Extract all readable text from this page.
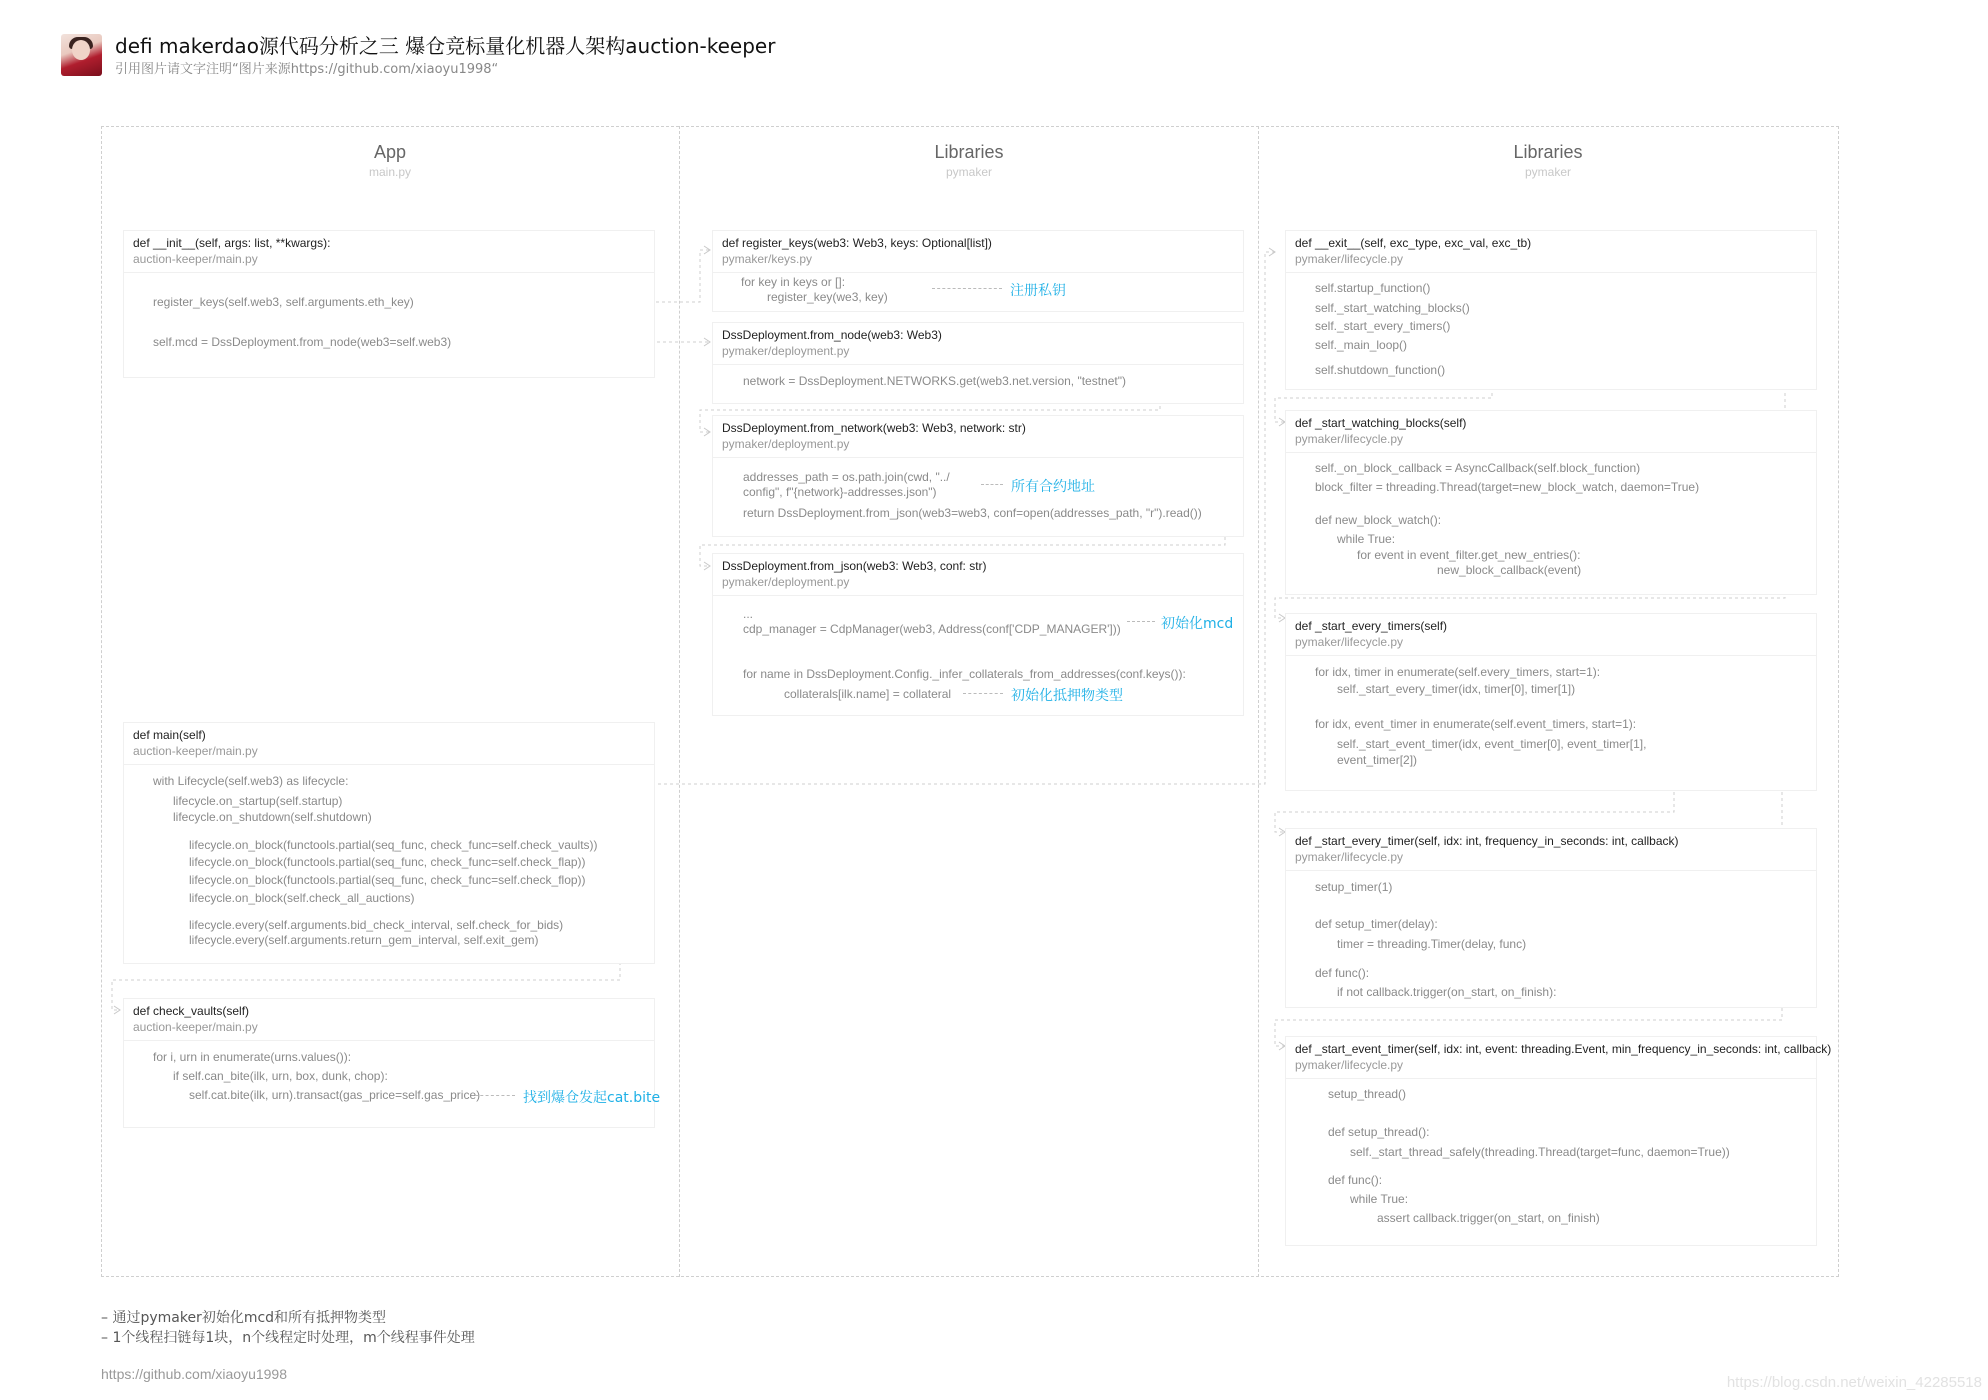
defi makerdao源代码分析之三 爆仓竞标量化机器人架构auction-keeper
引用图片请文字注明“图片来源https://github.com/xiaoyu1998“
App
main.py
Libraries
pymaker
Libraries
pymaker
def __init__(self, args: list, **kwargs):
auction-keeper/main.py
register_keys(self.web3, self.arguments.eth_key)
self.mcd = DssDeployment.from_node(web3=self.web3)
def main(self)
auction-keeper/main.py
with Lifecycle(self.web3) as lifecycle:
lifecycle.on_startup(self.startup)
lifecycle.on_shutdown(self.shutdown)
lifecycle.on_block(functools.partial(seq_func, check_func=self.check_vaults))
lifecycle.on_block(functools.partial(seq_func, check_func=self.check_flap))
lifecycle.on_block(functools.partial(seq_func, check_func=self.check_flop))
lifecycle.on_block(self.check_all_auctions)
lifecycle.every(self.arguments.bid_check_interval, self.check_for_bids)
lifecycle.every(self.arguments.return_gem_interval, self.exit_gem)
def check_vaults(self)
auction-keeper/main.py
for i, urn in enumerate(urns.values()):
if self.can_bite(ilk, urn, box, dunk, chop):
self.cat.bite(ilk, urn).transact(gas_price=self.gas_price)	找到爆仓发起cat.bite
def register_keys(web3: Web3, keys: Optional[list])
pymaker/keys.py
for key in keys or []:
register_key(we3, key)	注册私钥
DssDeployment.from_node(web3: Web3)
pymaker/deployment.py
network = DssDeployment.NETWORKS.get(web3.net.version, "testnet")
DssDeployment.from_network(web3: Web3, network: str)
pymaker/deployment.py
addresses_path = os.path.join(cwd, "../
config", f"{network}-addresses.json")
return DssDeployment.from_json(web3=web3, conf=open(addresses_path, "r").read())
所有合约地址
DssDeployment.from_json(web3: Web3, conf: str)
pymaker/deployment.py
...
cdp_manager = CdpManager(web3, Address(conf['CDP_MANAGER']))
for name in DssDeployment.Config._infer_collaterals_from_addresses(conf.keys()):
collaterals[ilk.name] = collateral
初始化mcd
初始化抵押物类型
def __exit__(self, exc_type, exc_val, exc_tb)
pymaker/lifecycle.py
self.startup_function()
self._start_watching_blocks()
self._start_every_timers()
self._main_loop()
self.shutdown_function()
def _start_watching_blocks(self)
pymaker/lifecycle.py
self._on_block_callback = AsyncCallback(self.block_function)
block_filter = threading.Thread(target=new_block_watch, daemon=True)
def new_block_watch():
while True:
for event in event_filter.get_new_entries():
new_block_callback(event)
def _start_every_timers(self)
pymaker/lifecycle.py
for idx, timer in enumerate(self.every_timers, start=1):
self._start_every_timer(idx, timer[0], timer[1])
for idx, event_timer in enumerate(self.event_timers, start=1):
self._start_event_timer(idx, event_timer[0], event_timer[1],
event_timer[2])
def _start_every_timer(self, idx: int, frequency_in_seconds: int, callback)
pymaker/lifecycle.py
setup_timer(1)
def setup_timer(delay):
timer = threading.Timer(delay, func)
def func():
if not callback.trigger(on_start, on_finish):
def _start_event_timer(self, idx: int, event: threading.Event, min_frequency_in_seconds: int, callback)
pymaker/lifecycle.py
setup_thread()
def setup_thread():
self._start_thread_safely(threading.Thread(target=func, daemon=True))
def func():
while True:
assert callback.trigger(on_start, on_finish)
– 通过pymaker初始化mcd和所有抵押物类型
– 1个线程扫链每1块，n个线程定时处理，m个线程事件处理
https://github.com/xiaoyu1998	https://blog.csdn.net/weixin_42285518
